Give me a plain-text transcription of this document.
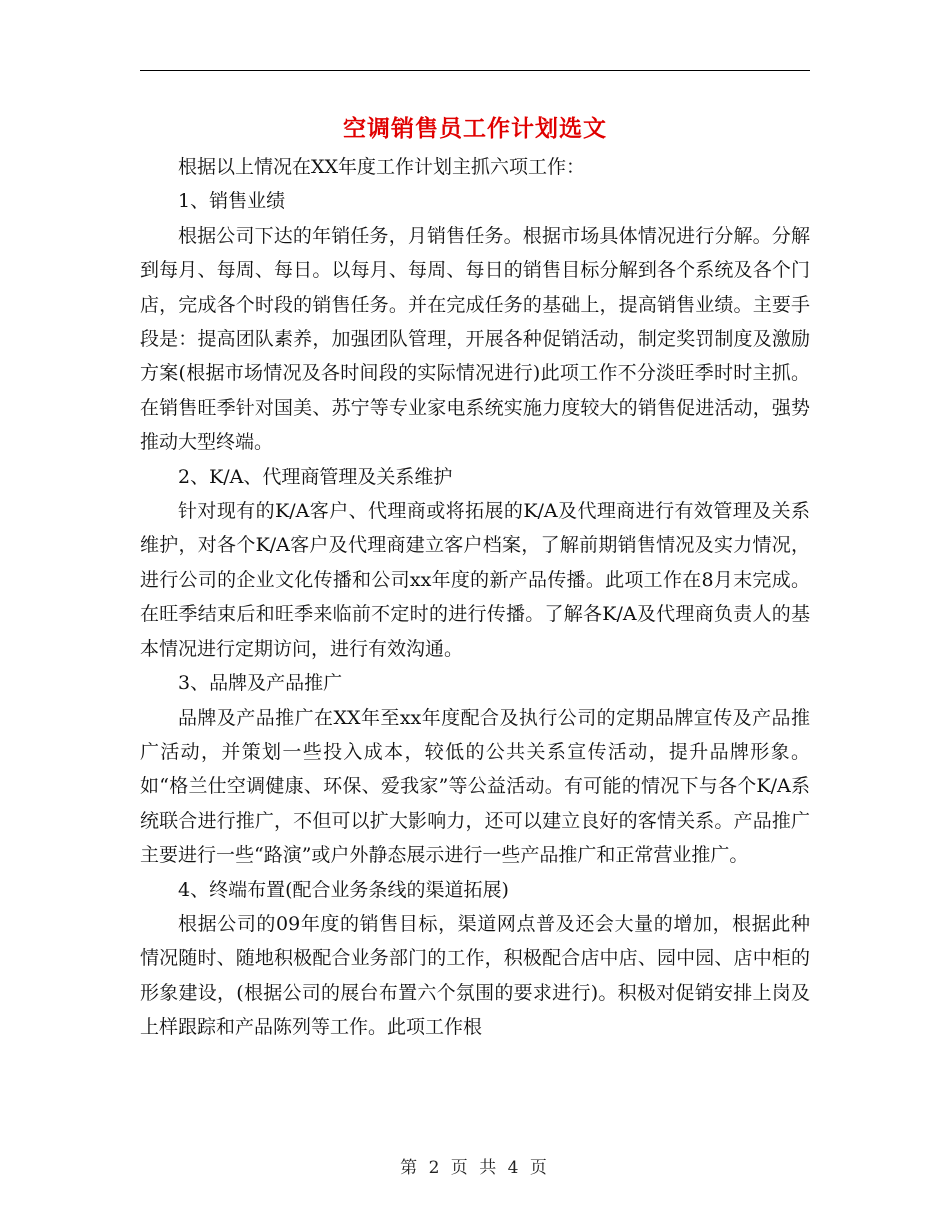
空调销售员工作计划选文

根据以上情况在XX年度工作计划主抓六项工作：

1、销售业绩

根据公司下达的年销任务，月销售任务。根据市场具体情况进行分解。分解到每月、每周、每日。以每月、每周、每日的销售目标分解到各个系统及各个门店，完成各个时段的销售任务。并在完成任务的基础上，提高销售业绩。主要手段是：提高团队素养，加强团队管理，开展各种促销活动，制定奖罚制度及激励方案(根据市场情况及各时间段的实际情况进行)此项工作不分淡旺季时时主抓。在销售旺季针对国美、苏宁等专业家电系统实施力度较大的销售促进活动，强势推动大型终端。

2、K/A、代理商管理及关系维护

针对现有的K/A客户、代理商或将拓展的K/A及代理商进行有效管理及关系维护，对各个K/A客户及代理商建立客户档案，了解前期销售情况及实力情况，进行公司的企业文化传播和公司xx年度的新产品传播。此项工作在8月末完成。在旺季结束后和旺季来临前不定时的进行传播。了解各K/A及代理商负责人的基本情况进行定期访问，进行有效沟通。

3、品牌及产品推广

品牌及产品推广在XX年至xx年度配合及执行公司的定期品牌宣传及产品推广活动，并策划一些投入成本，较低的公共关系宣传活动，提升品牌形象。如“格兰仕空调健康、环保、爱我家”等公益活动。有可能的情况下与各个K/A系统联合进行推广，不但可以扩大影响力，还可以建立良好的客情关系。产品推广主要进行一些“路演”或户外静态展示进行一些产品推广和正常营业推广。

4、终端布置(配合业务条线的渠道拓展)

根据公司的09年度的销售目标，渠道网点普及还会大量的增加，根据此种情况随时、随地积极配合业务部门的工作，积极配合店中店、园中园、店中柜的形象建设，(根据公司的展台布置六个氛围的要求进行)。积极对促销安排上岗及上样跟踪和产品陈列等工作。此项工作根

第 2 页 共 4 页
